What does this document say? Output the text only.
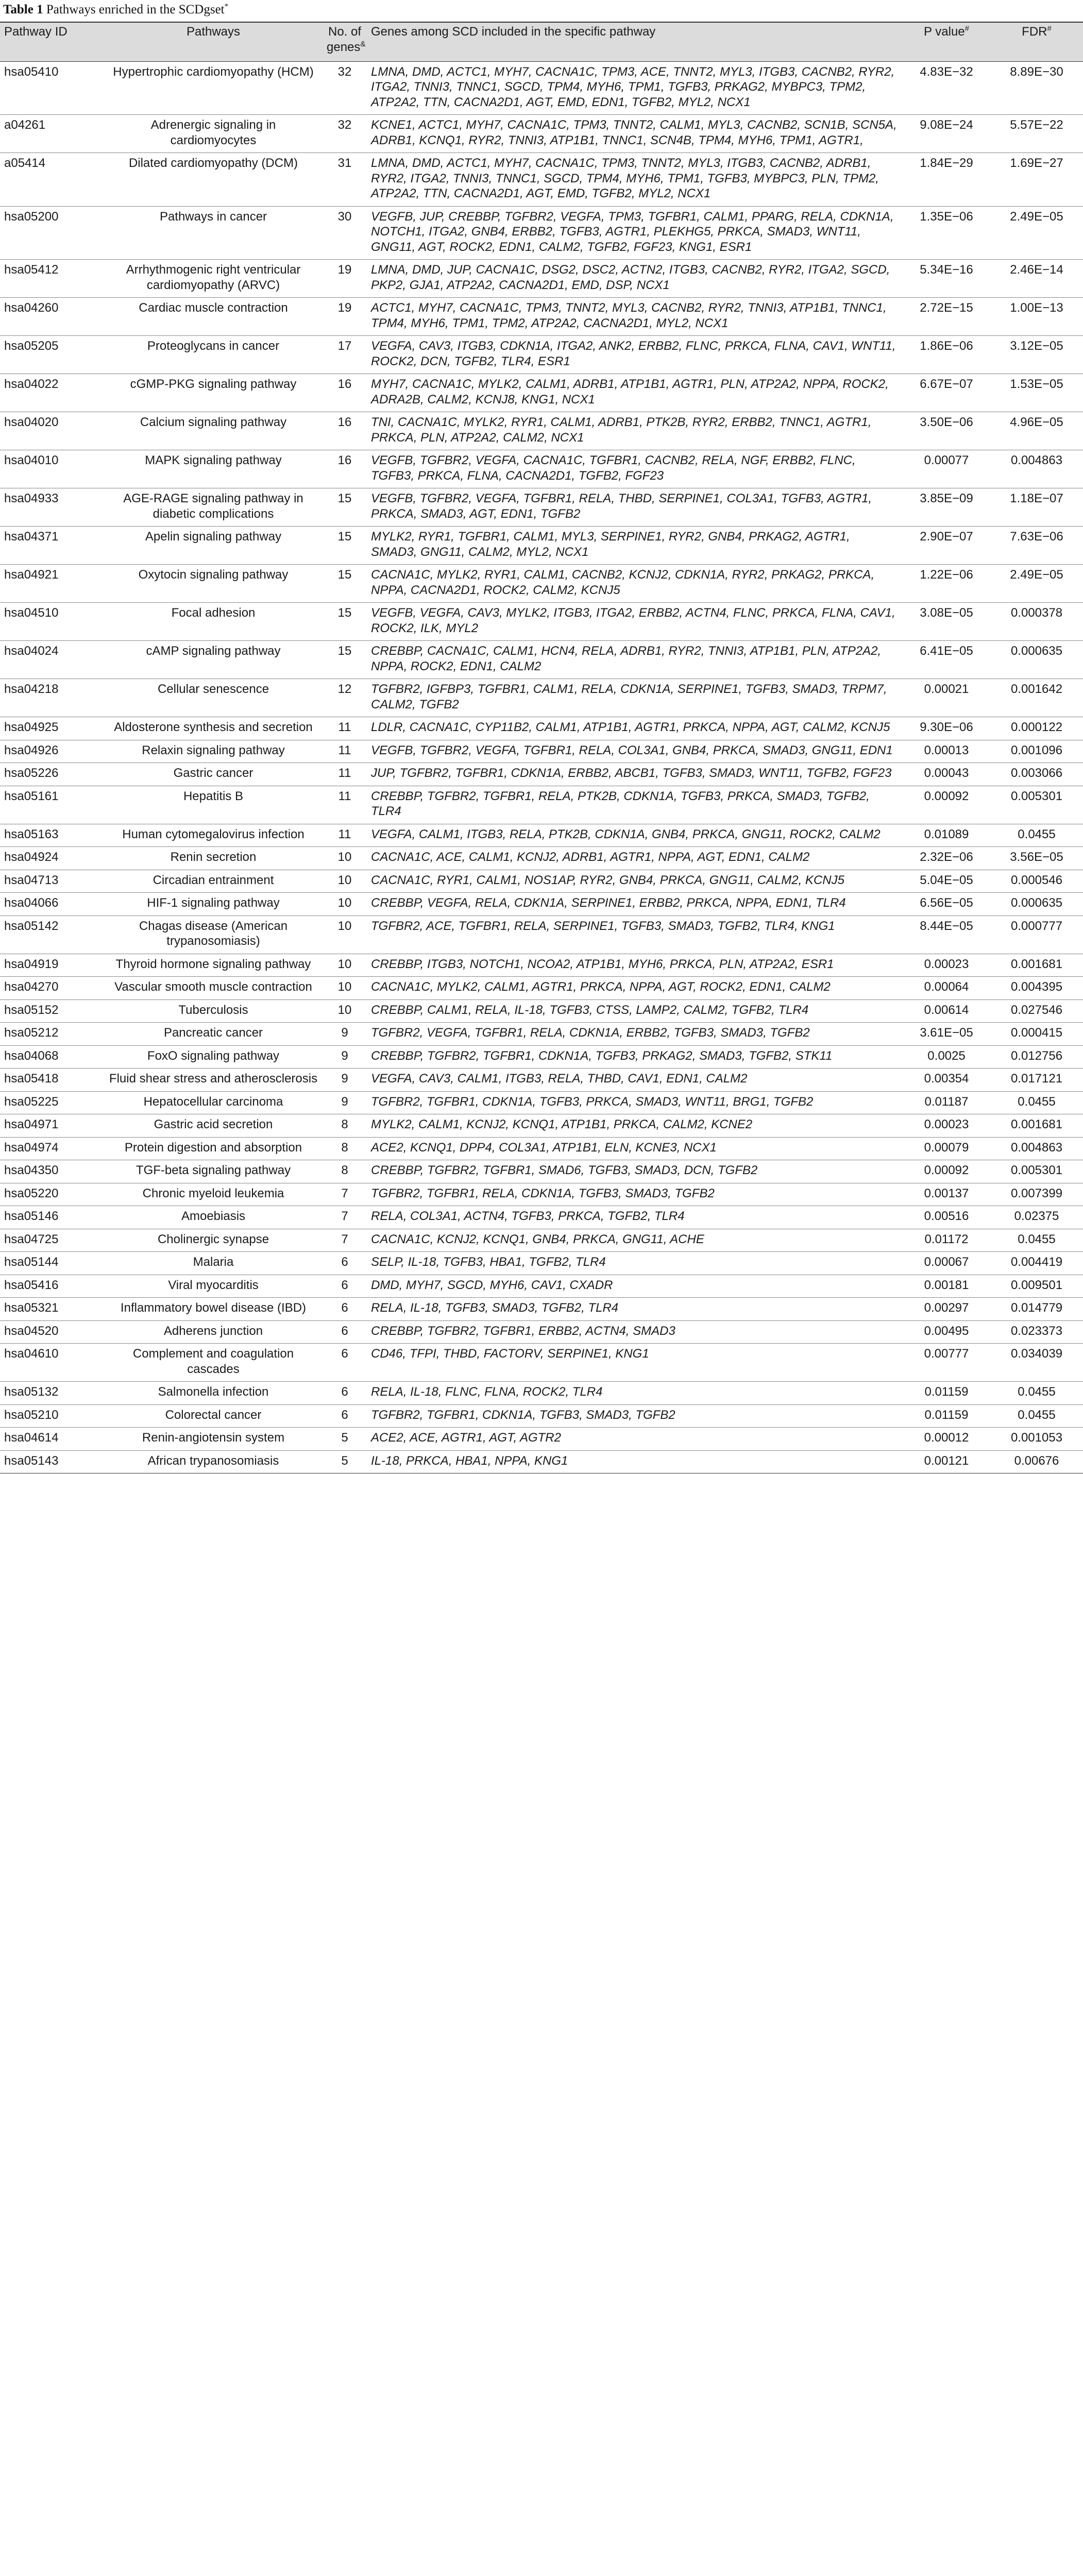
Table 1 Pathways enriched in the SCDgset*
Pathway ID	Pathways	No. of genes&	Genes among SCD included in the specific pathway	P value#	FDR#
hsa05410	Hypertrophic cardiomyopathy (HCM)	32	LMNA, DMD, ACTC1, MYH7, CACNA1C, TPM3, ACE, TNNT2, MYL3, ITGB3, CACNB2, RYR2, ITGA2, TNNI3, TNNC1, SGCD, TPM4, MYH6, TPM1, TGFB3, PRKAG2, MYBPC3, TPM2, ATP2A2, TTN, CACNA2D1, AGT, EMD, EDN1, TGFB2, MYL2, NCX1	4.83E−32	8.89E−30
a04261	Adrenergic signaling in cardiomyocytes	32	KCNE1, ACTC1, MYH7, CACNA1C, TPM3, TNNT2, CALM1, MYL3, CACNB2, SCN1B, SCN5A, ADRB1, KCNQ1, RYR2, TNNI3, ATP1B1, TNNC1, SCN4B, TPM4, MYH6, TPM1, AGTR1,	9.08E−24	5.57E−22
a05414	Dilated cardiomyopathy (DCM)	31	LMNA, DMD, ACTC1, MYH7, CACNA1C, TPM3, TNNT2, MYL3, ITGB3, CACNB2, ADRB1, RYR2, ITGA2, TNNI3, TNNC1, SGCD, TPM4, MYH6, TPM1, TGFB3, MYBPC3, PLN, TPM2, ATP2A2, TTN, CACNA2D1, AGT, EMD, TGFB2, MYL2, NCX1	1.84E−29	1.69E−27
hsa05200	Pathways in cancer	30	VEGFB, JUP, CREBBP, TGFBR2, VEGFA, TPM3, TGFBR1, CALM1, PPARG, RELA, CDKN1A, NOTCH1, ITGA2, GNB4, ERBB2, TGFB3, AGTR1, PLEKHG5, PRKCA, SMAD3, WNT11, GNG11, AGT, ROCK2, EDN1, CALM2, TGFB2, FGF23, KNG1, ESR1	1.35E−06	2.49E−05
hsa05412	Arrhythmogenic right ventricular cardiomyopathy (ARVC)	19	LMNA, DMD, JUP, CACNA1C, DSG2, DSC2, ACTN2, ITGB3, CACNB2, RYR2, ITGA2, SGCD, PKP2, GJA1, ATP2A2, CACNA2D1, EMD, DSP, NCX1	5.34E−16	2.46E−14
hsa04260	Cardiac muscle contraction	19	ACTC1, MYH7, CACNA1C, TPM3, TNNT2, MYL3, CACNB2, RYR2, TNNI3, ATP1B1, TNNC1, TPM4, MYH6, TPM1, TPM2, ATP2A2, CACNA2D1, MYL2, NCX1	2.72E−15	1.00E−13
hsa05205	Proteoglycans in cancer	17	VEGFA, CAV3, ITGB3, CDKN1A, ITGA2, ANK2, ERBB2, FLNC, PRKCA, FLNA, CAV1, WNT11, ROCK2, DCN, TGFB2, TLR4, ESR1	1.86E−06	3.12E−05
hsa04022	cGMP-PKG signaling pathway	16	MYH7, CACNA1C, MYLK2, CALM1, ADRB1, ATP1B1, AGTR1, PLN, ATP2A2, NPPA, ROCK2, ADRA2B, CALM2, KCNJ8, KNG1, NCX1	6.67E−07	1.53E−05
hsa04020	Calcium signaling pathway	16	TNI, CACNA1C, MYLK2, RYR1, CALM1, ADRB1, PTK2B, RYR2, ERBB2, TNNC1, AGTR1, PRKCA, PLN, ATP2A2, CALM2, NCX1	3.50E−06	4.96E−05
hsa04010	MAPK signaling pathway	16	VEGFB, TGFBR2, VEGFA, CACNA1C, TGFBR1, CACNB2, RELA, NGF, ERBB2, FLNC, TGFB3, PRKCA, FLNA, CACNA2D1, TGFB2, FGF23	0.00077	0.004863
hsa04933	AGE-RAGE signaling pathway in diabetic complications	15	VEGFB, TGFBR2, VEGFA, TGFBR1, RELA, THBD, SERPINE1, COL3A1, TGFB3, AGTR1, PRKCA, SMAD3, AGT, EDN1, TGFB2	3.85E−09	1.18E−07
hsa04371	Apelin signaling pathway	15	MYLK2, RYR1, TGFBR1, CALM1, MYL3, SERPINE1, RYR2, GNB4, PRKAG2, AGTR1, SMAD3, GNG11, CALM2, MYL2, NCX1	2.90E−07	7.63E−06
hsa04921	Oxytocin signaling pathway	15	CACNA1C, MYLK2, RYR1, CALM1, CACNB2, KCNJ2, CDKN1A, RYR2, PRKAG2, PRKCA, NPPA, CACNA2D1, ROCK2, CALM2, KCNJ5	1.22E−06	2.49E−05
hsa04510	Focal adhesion	15	VEGFB, VEGFA, CAV3, MYLK2, ITGB3, ITGA2, ERBB2, ACTN4, FLNC, PRKCA, FLNA, CAV1, ROCK2, ILK, MYL2	3.08E−05	0.000378
hsa04024	cAMP signaling pathway	15	CREBBP, CACNA1C, CALM1, HCN4, RELA, ADRB1, RYR2, TNNI3, ATP1B1, PLN, ATP2A2, NPPA, ROCK2, EDN1, CALM2	6.41E−05	0.000635
hsa04218	Cellular senescence	12	TGFBR2, IGFBP3, TGFBR1, CALM1, RELA, CDKN1A, SERPINE1, TGFB3, SMAD3, TRPM7, CALM2, TGFB2	0.00021	0.001642
hsa04925	Aldosterone synthesis and secretion	11	LDLR, CACNA1C, CYP11B2, CALM1, ATP1B1, AGTR1, PRKCA, NPPA, AGT, CALM2, KCNJ5	9.30E−06	0.000122
hsa04926	Relaxin signaling pathway	11	VEGFB, TGFBR2, VEGFA, TGFBR1, RELA, COL3A1, GNB4, PRKCA, SMAD3, GNG11, EDN1	0.00013	0.001096
hsa05226	Gastric cancer	11	JUP, TGFBR2, TGFBR1, CDKN1A, ERBB2, ABCB1, TGFB3, SMAD3, WNT11, TGFB2, FGF23	0.00043	0.003066
hsa05161	Hepatitis B	11	CREBBP, TGFBR2, TGFBR1, RELA, PTK2B, CDKN1A, TGFB3, PRKCA, SMAD3, TGFB2, TLR4	0.00092	0.005301
hsa05163	Human cytomegalovirus infection	11	VEGFA, CALM1, ITGB3, RELA, PTK2B, CDKN1A, GNB4, PRKCA, GNG11, ROCK2, CALM2	0.01089	0.0455
hsa04924	Renin secretion	10	CACNA1C, ACE, CALM1, KCNJ2, ADRB1, AGTR1, NPPA, AGT, EDN1, CALM2	2.32E−06	3.56E−05
hsa04713	Circadian entrainment	10	CACNA1C, RYR1, CALM1, NOS1AP, RYR2, GNB4, PRKCA, GNG11, CALM2, KCNJ5	5.04E−05	0.000546
hsa04066	HIF-1 signaling pathway	10	CREBBP, VEGFA, RELA, CDKN1A, SERPINE1, ERBB2, PRKCA, NPPA, EDN1, TLR4	6.56E−05	0.000635
hsa05142	Chagas disease (American trypanosomiasis)	10	TGFBR2, ACE, TGFBR1, RELA, SERPINE1, TGFB3, SMAD3, TGFB2, TLR4, KNG1	8.44E−05	0.000777
hsa04919	Thyroid hormone signaling pathway	10	CREBBP, ITGB3, NOTCH1, NCOA2, ATP1B1, MYH6, PRKCA, PLN, ATP2A2, ESR1	0.00023	0.001681
hsa04270	Vascular smooth muscle contraction	10	CACNA1C, MYLK2, CALM1, AGTR1, PRKCA, NPPA, AGT, ROCK2, EDN1, CALM2	0.00064	0.004395
hsa05152	Tuberculosis	10	CREBBP, CALM1, RELA, IL-18, TGFB3, CTSS, LAMP2, CALM2, TGFB2, TLR4	0.00614	0.027546
hsa05212	Pancreatic cancer	9	TGFBR2, VEGFA, TGFBR1, RELA, CDKN1A, ERBB2, TGFB3, SMAD3, TGFB2	3.61E−05	0.000415
hsa04068	FoxO signaling pathway	9	CREBBP, TGFBR2, TGFBR1, CDKN1A, TGFB3, PRKAG2, SMAD3, TGFB2, STK11	0.0025	0.012756
hsa05418	Fluid shear stress and atherosclerosis	9	VEGFA, CAV3, CALM1, ITGB3, RELA, THBD, CAV1, EDN1, CALM2	0.00354	0.017121
hsa05225	Hepatocellular carcinoma	9	TGFBR2, TGFBR1, CDKN1A, TGFB3, PRKCA, SMAD3, WNT11, BRG1, TGFB2	0.01187	0.0455
hsa04971	Gastric acid secretion	8	MYLK2, CALM1, KCNJ2, KCNQ1, ATP1B1, PRKCA, CALM2, KCNE2	0.00023	0.001681
hsa04974	Protein digestion and absorption	8	ACE2, KCNQ1, DPP4, COL3A1, ATP1B1, ELN, KCNE3, NCX1	0.00079	0.004863
hsa04350	TGF-beta signaling pathway	8	CREBBP, TGFBR2, TGFBR1, SMAD6, TGFB3, SMAD3, DCN, TGFB2	0.00092	0.005301
hsa05220	Chronic myeloid leukemia	7	TGFBR2, TGFBR1, RELA, CDKN1A, TGFB3, SMAD3, TGFB2	0.00137	0.007399
hsa05146	Amoebiasis	7	RELA, COL3A1, ACTN4, TGFB3, PRKCA, TGFB2, TLR4	0.00516	0.02375
hsa04725	Cholinergic synapse	7	CACNA1C, KCNJ2, KCNQ1, GNB4, PRKCA, GNG11, ACHE	0.01172	0.0455
hsa05144	Malaria	6	SELP, IL-18, TGFB3, HBA1, TGFB2, TLR4	0.00067	0.004419
hsa05416	Viral myocarditis	6	DMD, MYH7, SGCD, MYH6, CAV1, CXADR	0.00181	0.009501
hsa05321	Inflammatory bowel disease (IBD)	6	RELA, IL-18, TGFB3, SMAD3, TGFB2, TLR4	0.00297	0.014779
hsa04520	Adherens junction	6	CREBBP, TGFBR2, TGFBR1, ERBB2, ACTN4, SMAD3	0.00495	0.023373
hsa04610	Complement and coagulation cascades	6	CD46, TFPI, THBD, FACTORV, SERPINE1, KNG1	0.00777	0.034039
hsa05132	Salmonella infection	6	RELA, IL-18, FLNC, FLNA, ROCK2, TLR4	0.01159	0.0455
hsa05210	Colorectal cancer	6	TGFBR2, TGFBR1, CDKN1A, TGFB3, SMAD3, TGFB2	0.01159	0.0455
hsa04614	Renin-angiotensin system	5	ACE2, ACE, AGTR1, AGT, AGTR2	0.00012	0.001053
hsa05143	African trypanosomiasis	5	IL-18, PRKCA, HBA1, NPPA, KNG1	0.00121	0.00676
